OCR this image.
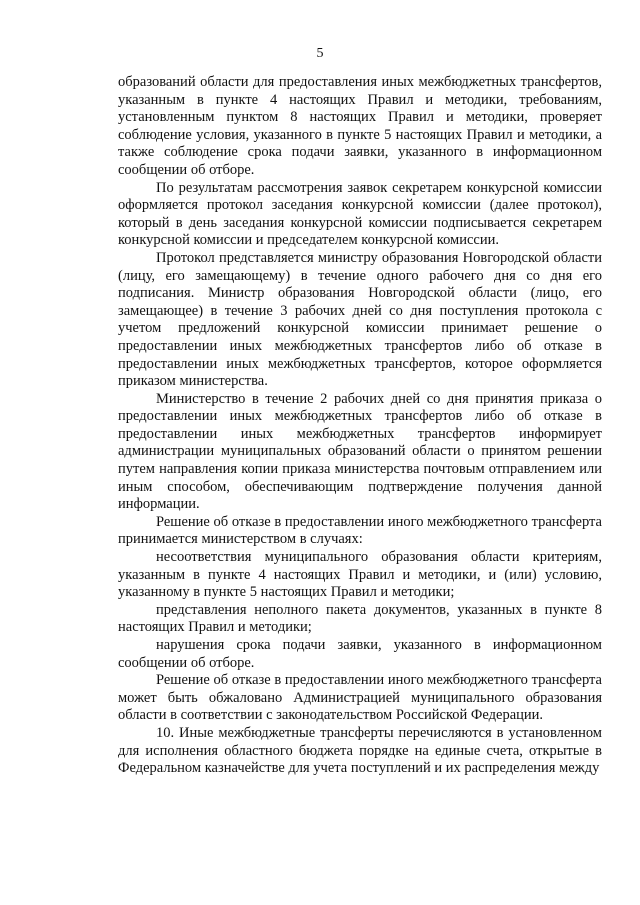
5

образований области для предоставления иных межбюджетных трансфертов, указанным в пункте 4 настоящих Правил и методики, требованиям, установленным пунктом 8 настоящих Правил и методики, проверяет соблюдение условия, указанного в пункте 5 настоящих Правил и методики, а также соблюдение срока подачи заявки, указанного в информационном сообщении об отборе.

По результатам рассмотрения заявок секретарем конкурсной комиссии оформляется протокол заседания конкурсной комиссии (далее протокол), который в день заседания конкурсной комиссии подписывается секретарем конкурсной комиссии и председателем конкурсной комиссии.

Протокол представляется министру образования Новгородской области (лицу, его замещающему) в течение одного рабочего дня со дня его подписания. Министр образования Новгородской области (лицо, его замещающее) в течение 3 рабочих дней со дня поступления протокола с учетом предложений конкурсной комиссии принимает решение о предоставлении иных межбюджетных трансфертов либо об отказе в предоставлении иных межбюджетных трансфертов, которое оформляется приказом министерства.

Министерство в течение 2 рабочих дней со дня принятия приказа о предоставлении иных межбюджетных трансфертов либо об отказе в предоставлении иных межбюджетных трансфертов информирует администрации муниципальных образований области о принятом решении путем направления копии приказа министерства почтовым отправлением или иным способом, обеспечивающим подтверждение получения данной информации.

Решение об отказе в предоставлении иного межбюджетного трансферта принимается министерством в случаях:

несоответствия муниципального образования области критериям, указанным в пункте 4 настоящих Правил и методики, и (или) условию, указанному в пункте 5 настоящих Правил и методики;

представления неполного пакета документов, указанных в пункте 8 настоящих Правил и методики;

нарушения срока подачи заявки, указанного в информационном сообщении об отборе.

Решение об отказе в предоставлении иного межбюджетного трансферта может быть обжаловано Администрацией муниципального образования области в соответствии с законодательством Российской Федерации.

10. Иные межбюджетные трансферты перечисляются в установленном для исполнения областного бюджета порядке на единые счета, открытые в Федеральном казначействе для учета поступлений и их распределения между
